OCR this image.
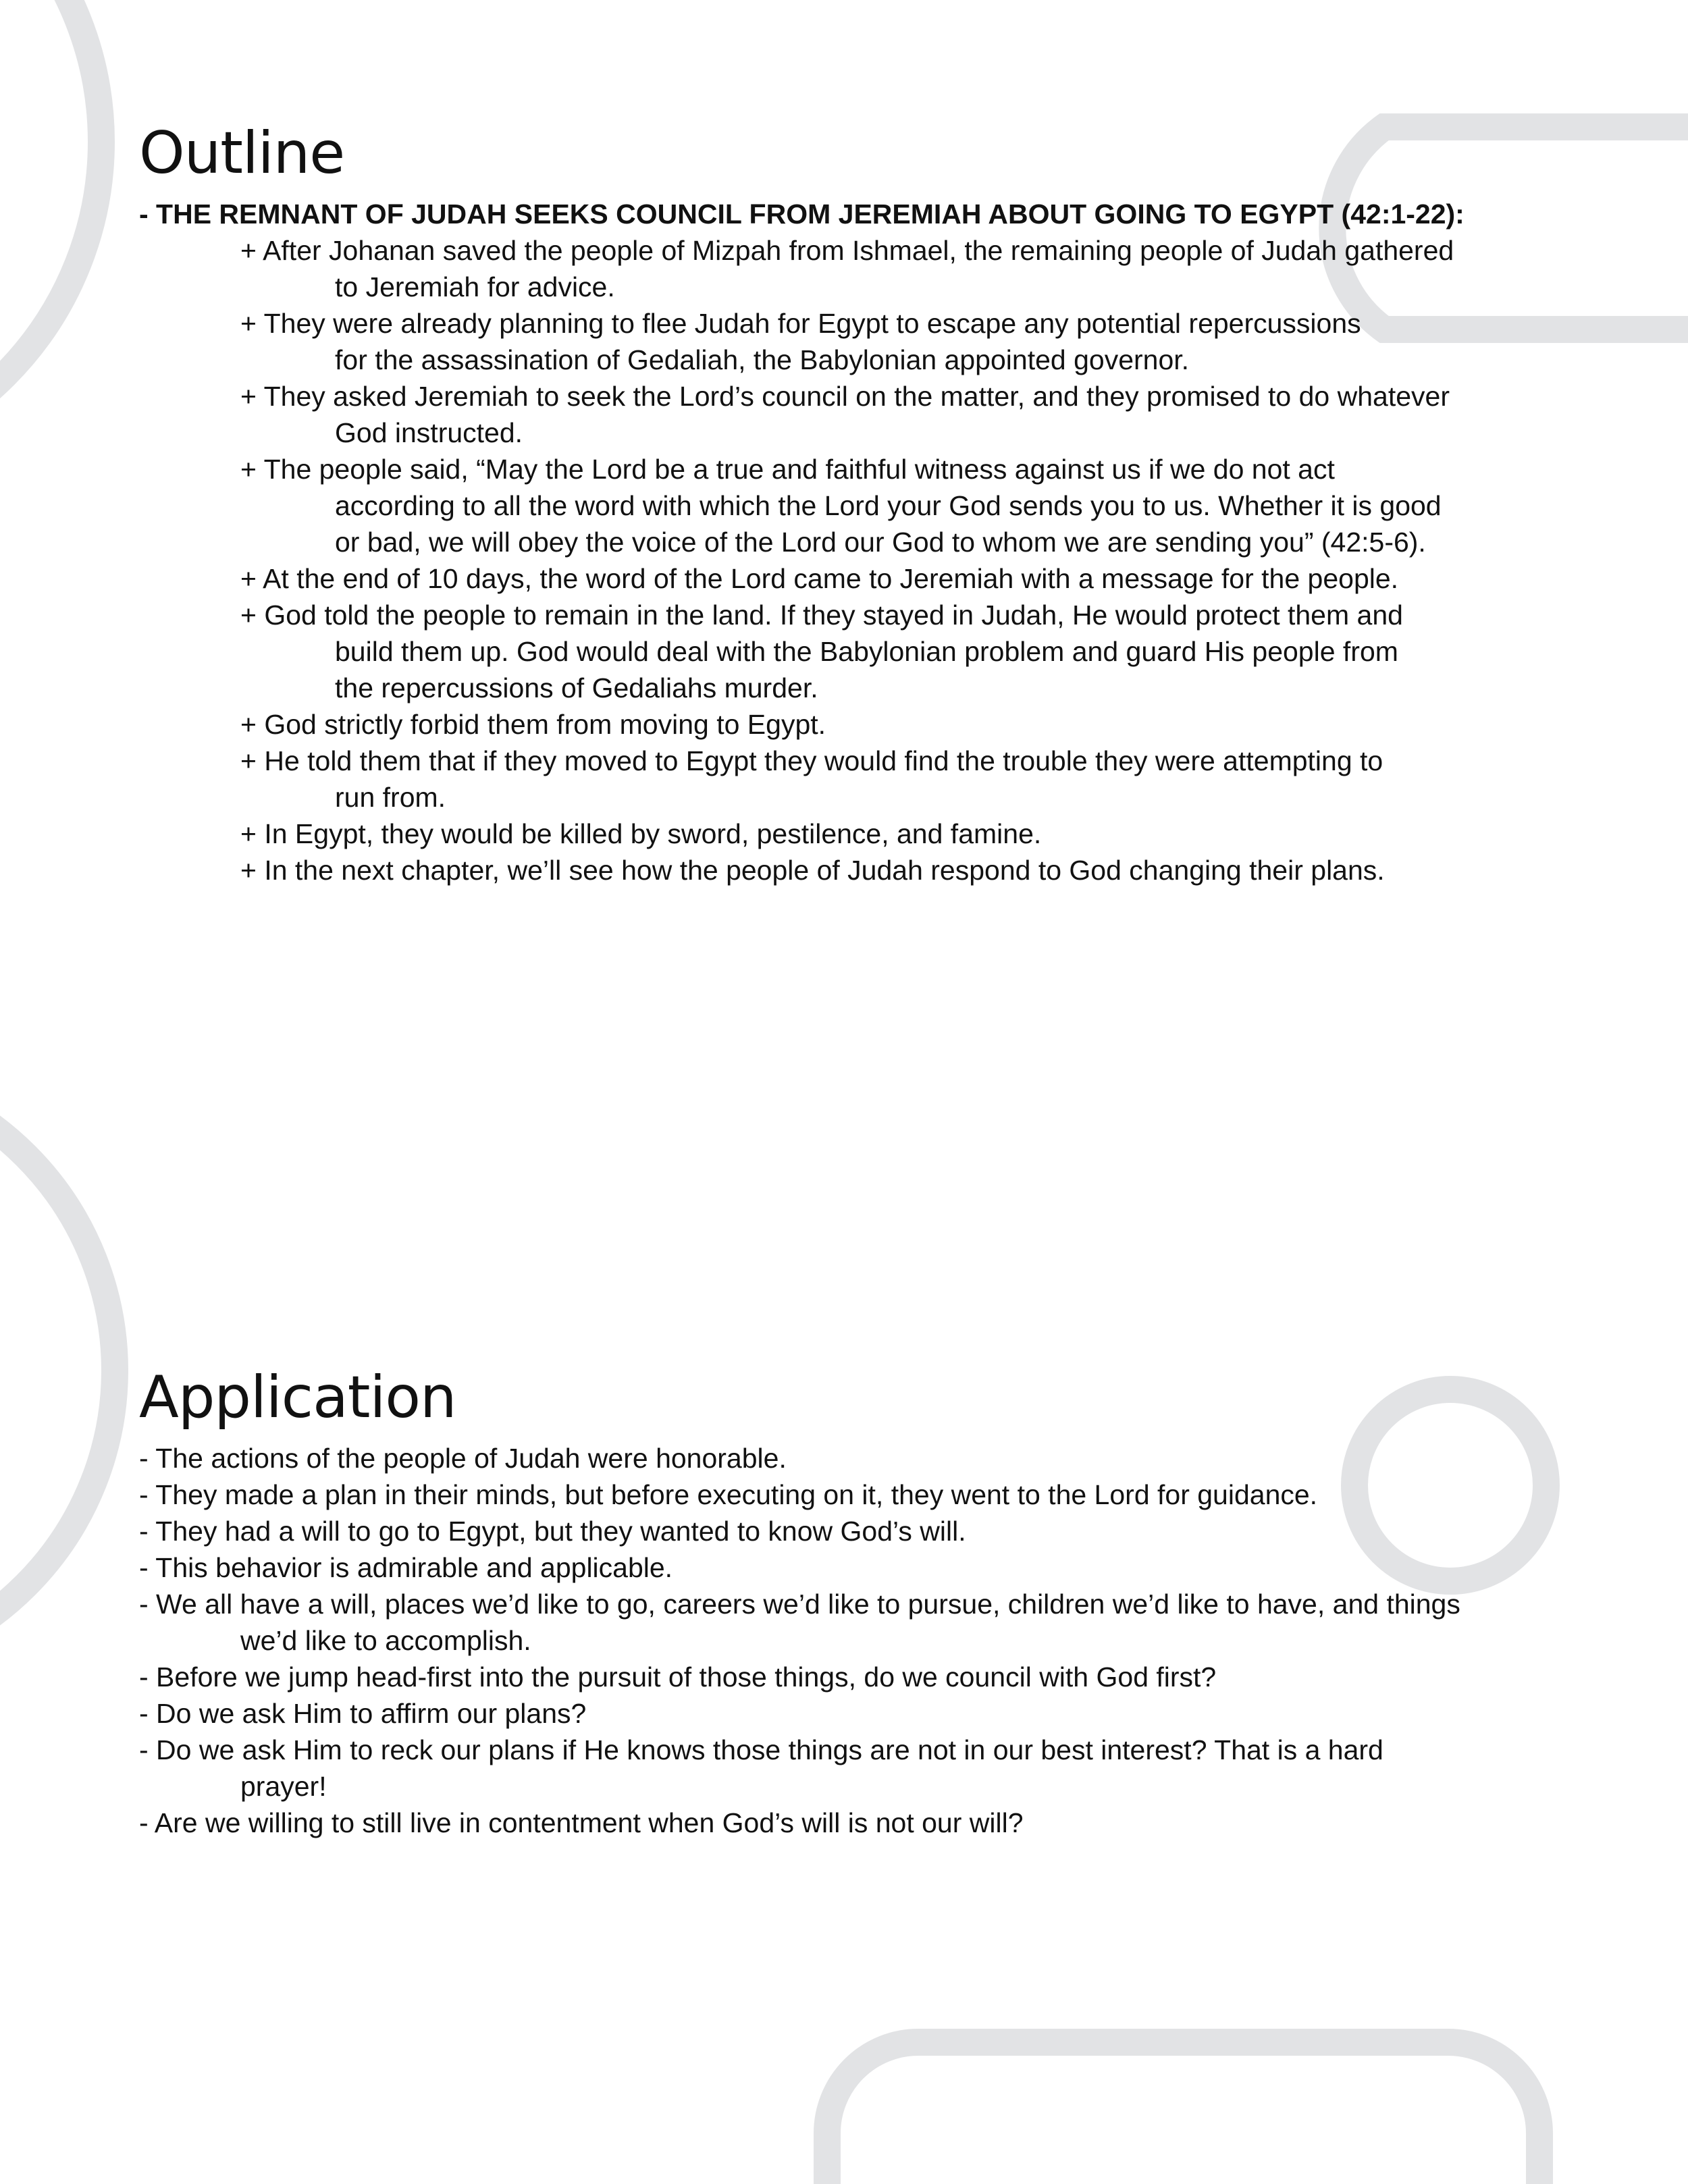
Outline
- THE REMNANT OF JUDAH SEEKS COUNCIL FROM JEREMIAH ABOUT GOING TO EGYPT (42:1-22):
+ After Johanan saved the people of Mizpah from Ishmael, the remaining people of Judah gathered
to Jeremiah for advice.
+ They were already planning to flee Judah for Egypt to escape any potential repercussions
for the assassination of Gedaliah, the Babylonian appointed governor.
+ They asked Jeremiah to seek the Lord’s council on the matter, and they promised to do whatever
God instructed.
+ The people said, “May the Lord be a true and faithful witness against us if we do not act
according to all the word with which the Lord your God sends you to us. Whether it is good
or bad, we will obey the voice of the Lord our God to whom we are sending you” (42:5-6).
+ At the end of 10 days, the word of the Lord came to Jeremiah with a message for the people.
+ God told the people to remain in the land. If they stayed in Judah, He would protect them and
build them up. God would deal with the Babylonian problem and guard His people from
the repercussions of Gedaliahs murder.
+ God strictly forbid them from moving to Egypt.
+ He told them that if they moved to Egypt they would find the trouble they were attempting to
run from.
+ In Egypt, they would be killed by sword, pestilence, and famine.
+ In the next chapter, we’ll see how the people of Judah respond to God changing their plans.
Application
- The actions of the people of Judah were honorable.
- They made a plan in their minds, but before executing on it, they went to the Lord for guidance.
- They had a will to go to Egypt, but they wanted to know God’s will.
- This behavior is admirable and applicable.
- We all have a will, places we’d like to go, careers we’d like to pursue, children we’d like to have, and things
we’d like to accomplish.
- Before we jump head-first into the pursuit of those things, do we council with God first?
- Do we ask Him to affirm our plans?
- Do we ask Him to reck our plans if He knows those things are not in our best interest? That is a hard
prayer!
- Are we willing to still live in contentment when God’s will is not our will?
